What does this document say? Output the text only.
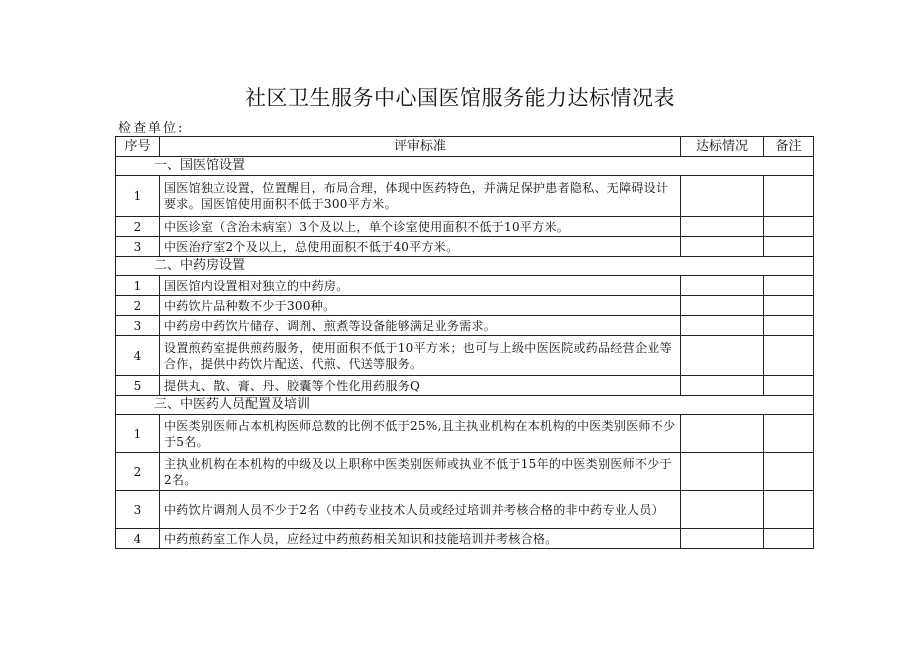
社区卫生服务中心国医馆服务能力达标情况表
检查单位:
序号	评审标准	达标情况	备注
一、国医馆设置			
1	国医馆独立设置，位置醒目，布局合理，体现中医药特色，并满足保护患者隐私、无障碍设计要求。国医馆使用面积不低于300平方米。		
2	中医诊室（含治未病室）3个及以上，单个诊室使用面积不低于10平方米。		
3	中医治疗室2个及以上，总使用面积不低于40平方米。		
二、中药房设置			
1	国医馆内设置相对独立的中药房。		
2	中药饮片品种数不少于300种。		
3	中药房中药饮片储存、调剂、煎煮等设备能够满足业务需求。		
4	设置煎药室提供煎药服务，使用面积不低于10平方米；也可与上级中医医院或药品经营企业等合作，提供中药饮片配送、代煎、代送等服务。		
5	提供丸、散、膏、丹、胶囊等个性化用药服务Q		
三、中医药人员配置及培训			
1	中医类别医师占本机构医师总数的比例不低于25%,且主执业机构在本机构的中医类别医师不少于5名。		
2	主执业机构在本机构的中级及以上职称中医类别医师或执业不低于15年的中医类别医师不少于2名。		
3	中药饮片调剂人员不少于2名（中药专业技术人员或经过培训并考核合格的非中药专业人员）		
4	中药煎药室工作人员，应经过中药煎药相关知识和技能培训并考核合格。		
